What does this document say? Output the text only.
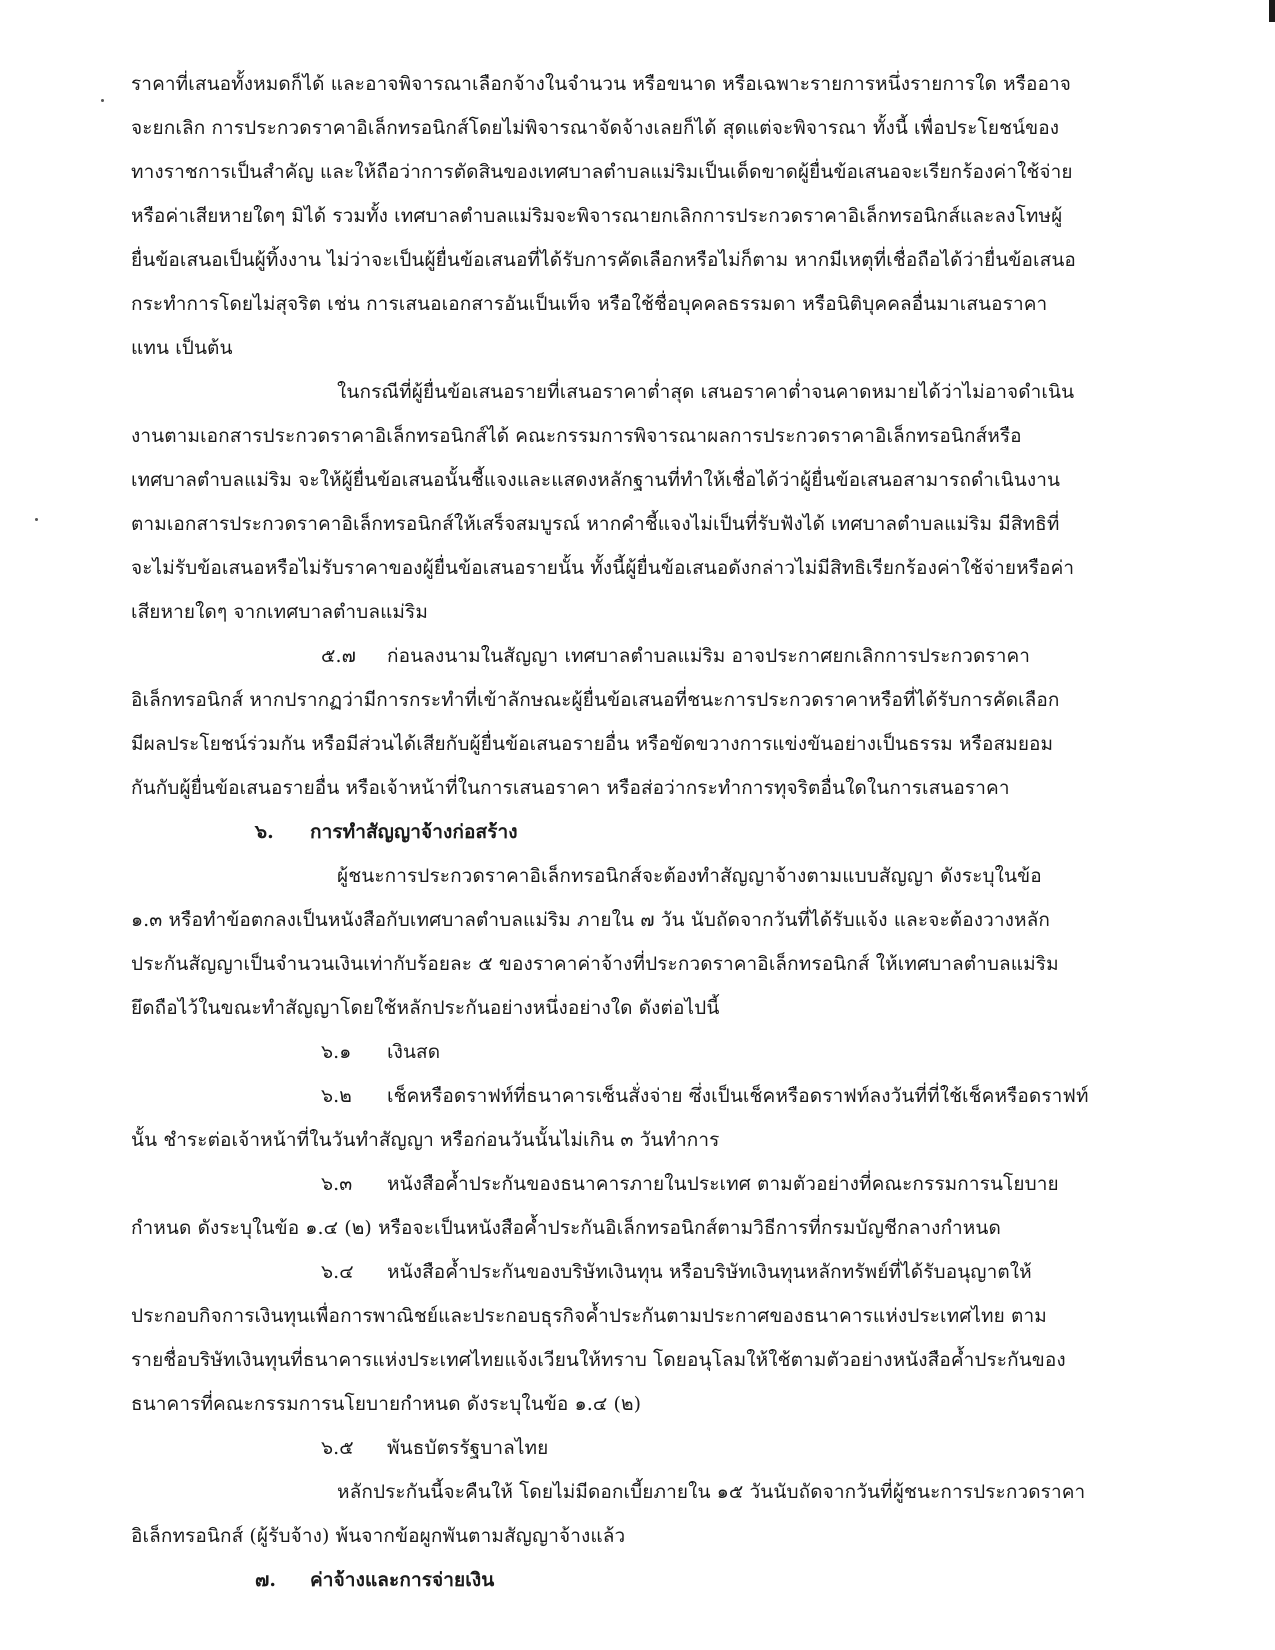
ราคาที่เสนอทั้งหมดก็ได้ และอาจพิจารณาเลือกจ้างในจำนวน หรือขนาด หรือเฉพาะรายการหนึ่งรายการใด หรืออาจ
จะยกเลิก การประกวดราคาอิเล็กทรอนิกส์โดยไม่พิจารณาจัดจ้างเลยก็ได้ สุดแต่จะพิจารณา ทั้งนี้ เพื่อประโยชน์ของ
ทางราชการเป็นสำคัญ และให้ถือว่าการตัดสินของเทศบาลตำบลแม่ริมเป็นเด็ดขาดผู้ยื่นข้อเสนอจะเรียกร้องค่าใช้จ่าย
หรือค่าเสียหายใดๆ มิได้ รวมทั้ง เทศบาลตำบลแม่ริมจะพิจารณายกเลิกการประกวดราคาอิเล็กทรอนิกส์และลงโทษผู้
ยื่นข้อเสนอเป็นผู้ทิ้งงาน ไม่ว่าจะเป็นผู้ยื่นข้อเสนอที่ได้รับการคัดเลือกหรือไม่ก็ตาม หากมีเหตุที่เชื่อถือได้ว่ายื่นข้อเสนอ
กระทำการโดยไม่สุจริต เช่น การเสนอเอกสารอันเป็นเท็จ หรือใช้ชื่อบุคคลธรรมดา หรือนิติบุคคลอื่นมาเสนอราคา
แทน เป็นต้น
ในกรณีที่ผู้ยื่นข้อเสนอรายที่เสนอราคาต่ำสุด เสนอราคาต่ำจนคาดหมายได้ว่าไม่อาจดำเนิน
งานตามเอกสารประกวดราคาอิเล็กทรอนิกส์ได้ คณะกรรมการพิจารณาผลการประกวดราคาอิเล็กทรอนิกส์หรือ
เทศบาลตำบลแม่ริม จะให้ผู้ยื่นข้อเสนอนั้นชี้แจงและแสดงหลักฐานที่ทำให้เชื่อได้ว่าผู้ยื่นข้อเสนอสามารถดำเนินงาน
ตามเอกสารประกวดราคาอิเล็กทรอนิกส์ให้เสร็จสมบูรณ์ หากคำชี้แจงไม่เป็นที่รับฟังได้ เทศบาลตำบลแม่ริม มีสิทธิที่
จะไม่รับข้อเสนอหรือไม่รับราคาของผู้ยื่นข้อเสนอรายนั้น ทั้งนี้ผู้ยื่นข้อเสนอดังกล่าวไม่มีสิทธิเรียกร้องค่าใช้จ่ายหรือค่า
เสียหายใดๆ จากเทศบาลตำบลแม่ริม
๕.๗ ก่อนลงนามในสัญญา เทศบาลตำบลแม่ริม อาจประกาศยกเลิกการประกวดราคา
อิเล็กทรอนิกส์ หากปรากฏว่ามีการกระทำที่เข้าลักษณะผู้ยื่นข้อเสนอที่ชนะการประกวดราคาหรือที่ได้รับการคัดเลือก
มีผลประโยชน์ร่วมกัน หรือมีส่วนได้เสียกับผู้ยื่นข้อเสนอรายอื่น หรือขัดขวางการแข่งขันอย่างเป็นธรรม หรือสมยอม
กันกับผู้ยื่นข้อเสนอรายอื่น หรือเจ้าหน้าที่ในการเสนอราคา หรือส่อว่ากระทำการทุจริตอื่นใดในการเสนอราคา
๖. การทำสัญญาจ้างก่อสร้าง
ผู้ชนะการประกวดราคาอิเล็กทรอนิกส์จะต้องทำสัญญาจ้างตามแบบสัญญา ดังระบุในข้อ
๑.๓ หรือทำข้อตกลงเป็นหนังสือกับเทศบาลตำบลแม่ริม ภายใน ๗ วัน นับถัดจากวันที่ได้รับแจ้ง และจะต้องวางหลัก
ประกันสัญญาเป็นจำนวนเงินเท่ากับร้อยละ ๕ ของราคาค่าจ้างที่ประกวดราคาอิเล็กทรอนิกส์ ให้เทศบาลตำบลแม่ริม
ยึดถือไว้ในขณะทำสัญญาโดยใช้หลักประกันอย่างหนึ่งอย่างใด ดังต่อไปนี้
๖.๑ เงินสด
๖.๒ เช็คหรือดราฟท์ที่ธนาคารเซ็นสั่งจ่าย ซึ่งเป็นเช็คหรือดราฟท์ลงวันที่ที่ใช้เช็คหรือดราฟท์
นั้น ชำระต่อเจ้าหน้าที่ในวันทำสัญญา หรือก่อนวันนั้นไม่เกิน ๓ วันทำการ
๖.๓ หนังสือค้ำประกันของธนาคารภายในประเทศ ตามตัวอย่างที่คณะกรรมการนโยบาย
กำหนด ดังระบุในข้อ ๑.๔ (๒) หรือจะเป็นหนังสือค้ำประกันอิเล็กทรอนิกส์ตามวิธีการที่กรมบัญชีกลางกำหนด
๖.๔ หนังสือค้ำประกันของบริษัทเงินทุน หรือบริษัทเงินทุนหลักทรัพย์ที่ได้รับอนุญาตให้
ประกอบกิจการเงินทุนเพื่อการพาณิชย์และประกอบธุรกิจค้ำประกันตามประกาศของธนาคารแห่งประเทศไทย ตาม
รายชื่อบริษัทเงินทุนที่ธนาคารแห่งประเทศไทยแจ้งเวียนให้ทราบ โดยอนุโลมให้ใช้ตามตัวอย่างหนังสือค้ำประกันของ
ธนาคารที่คณะกรรมการนโยบายกำหนด ดังระบุในข้อ ๑.๔ (๒)
๖.๕ พันธบัตรรัฐบาลไทย
หลักประกันนี้จะคืนให้ โดยไม่มีดอกเบี้ยภายใน ๑๕ วันนับถัดจากวันที่ผู้ชนะการประกวดราคา
อิเล็กทรอนิกส์ (ผู้รับจ้าง) พ้นจากข้อผูกพันตามสัญญาจ้างแล้ว
๗. ค่าจ้างและการจ่ายเงิน
